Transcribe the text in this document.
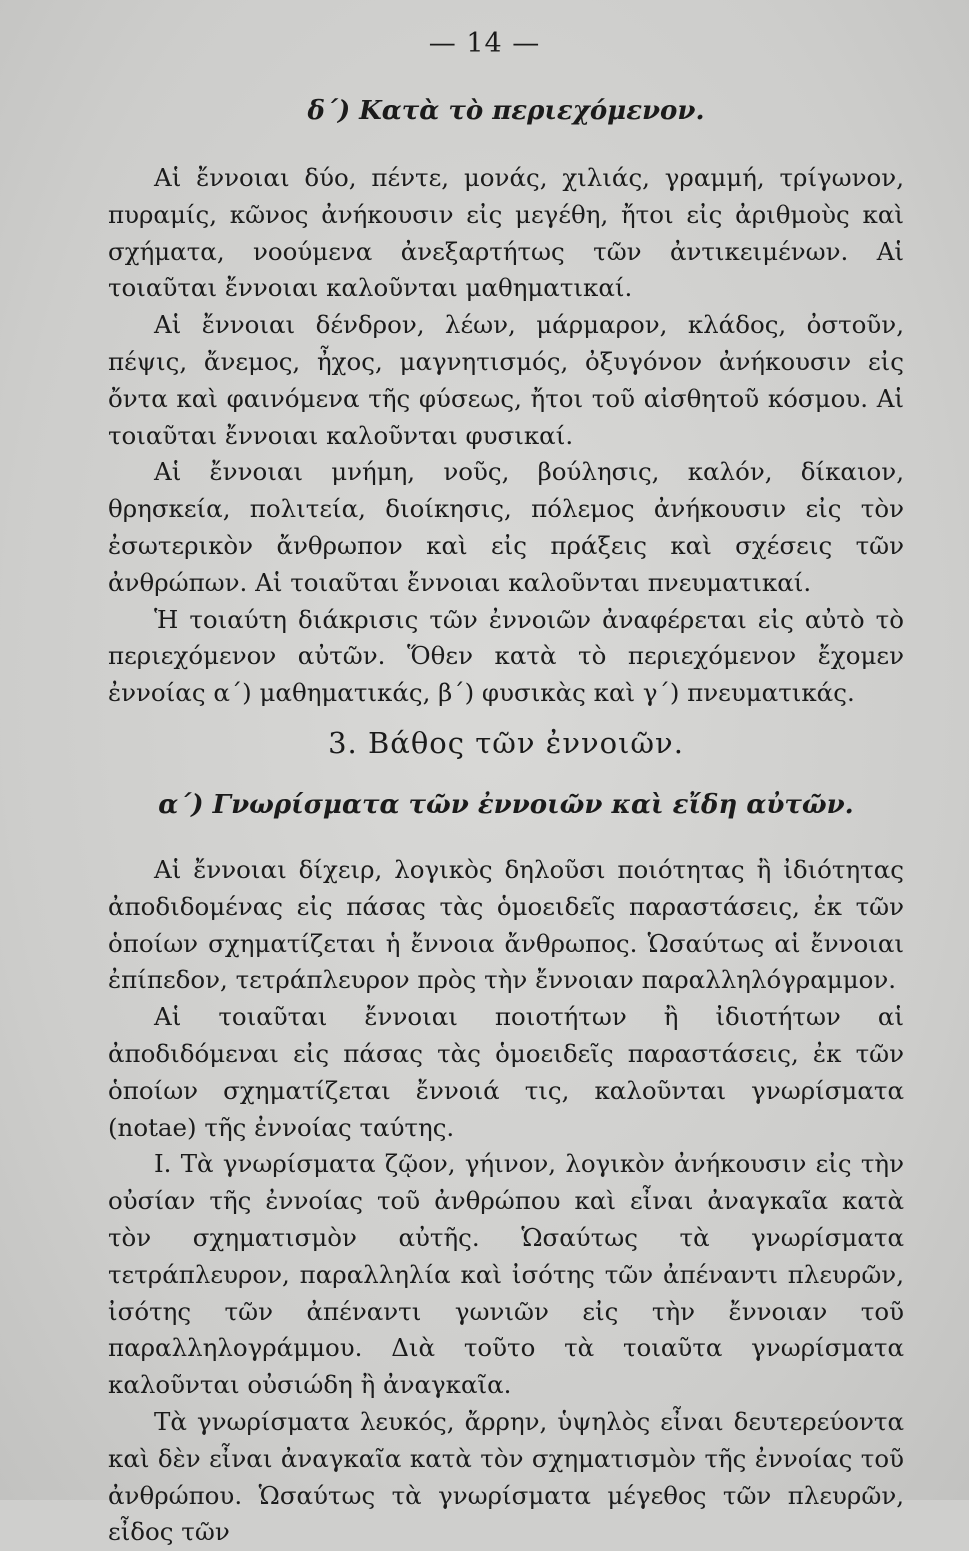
— 14 —
δ΄) Κατὰ τὸ περιεχόμενον.

Αἱ ἔννοιαι δύο, πέντε, μονάς, χιλιάς, γραμμή, τρίγωνον, πυραμίς, κῶνος ἀνήκουσιν εἰς μεγέθη, ἤτοι εἰς ἀριθμοὺς καὶ σχήματα, νοούμενα ἀνεξαρτήτως τῶν ἀντικειμένων. Αἱ τοιαῦται ἔννοιαι καλοῦνται μαθηματικαί.

Αἱ ἔννοιαι δένδρον, λέων, μάρμαρον, κλάδος, ὀστοῦν, πέψις, ἄνεμος, ἦχος, μαγνητισμός, ὀξυγόνον ἀνήκουσιν εἰς ὄντα καὶ φαινόμενα τῆς φύσεως, ἤτοι τοῦ αἰσθητοῦ κόσμου. Αἱ τοιαῦται ἔννοιαι καλοῦνται φυσικαί.

Αἱ ἔννοιαι μνήμη, νοῦς, βούλησις, καλόν, δίκαιον, θρησκεία, πολιτεία, διοίκησις, πόλεμος ἀνήκουσιν εἰς τὸν ἐσωτερικὸν ἄνθρωπον καὶ εἰς πράξεις καὶ σχέσεις τῶν ἀνθρώπων. Αἱ τοιαῦται ἔννοιαι καλοῦνται πνευματικαί.

Ἡ τοιαύτη διάκρισις τῶν ἐννοιῶν ἀναφέρεται εἰς αὐτὸ τὸ περιεχόμενον αὐτῶν. Ὅθεν κατὰ τὸ περιεχόμενον ἔχομεν ἐννοίας α΄) μαθηματικάς, β΄) φυσικὰς καὶ γ΄) πνευματικάς.

3. Βάθος τῶν ἐννοιῶν.
α΄) Γνωρίσματα τῶν ἐννοιῶν καὶ εἴδη αὐτῶν.

Αἱ ἔννοιαι δίχειρ, λογικὸς δηλοῦσι ποιότητας ἢ ἰδιότητας ἀποδιδομένας εἰς πάσας τὰς ὁμοειδεῖς παραστάσεις, ἐκ τῶν ὁποίων σχηματίζεται ἡ ἔννοια ἄνθρωπος. Ὡσαύτως αἱ ἔννοιαι ἐπίπεδον, τετράπλευρον πρὸς τὴν ἔννοιαν παραλληλόγραμμον.

Αἱ τοιαῦται ἔννοιαι ποιοτήτων ἢ ἰδιοτήτων αἱ ἀποδιδόμεναι εἰς πάσας τὰς ὁμοειδεῖς παραστάσεις, ἐκ τῶν ὁποίων σχηματίζεται ἔννοιά τις, καλοῦνται γνωρίσματα (notae) τῆς ἐννοίας ταύτης.

Ι. Τὰ γνωρίσματα ζῷον, γήινον, λογικὸν ἀνήκουσιν εἰς τὴν οὐσίαν τῆς ἐννοίας τοῦ ἀνθρώπου καὶ εἶναι ἀναγκαῖα κατὰ τὸν σχηματισμὸν αὐτῆς. Ὡσαύτως τὰ γνωρίσματα τετράπλευρον, παραλληλία καὶ ἰσότης τῶν ἀπέναντι πλευρῶν, ἰσότης τῶν ἀπέναντι γωνιῶν εἰς τὴν ἔννοιαν τοῦ παραλληλογράμμου. Διὰ τοῦτο τὰ τοιαῦτα γνωρίσματα καλοῦνται οὐσιώδη ἢ ἀναγκαῖα.

Τὰ γνωρίσματα λευκός, ἄρρην, ὑψηλὸς εἶναι δευτερεύοντα καὶ δὲν εἶναι ἀναγκαῖα κατὰ τὸν σχηματισμὸν τῆς ἐννοίας τοῦ ἀνθρώπου. Ὡσαύτως τὰ γνωρίσματα μέγεθος τῶν πλευρῶν, εἶδος τῶν
